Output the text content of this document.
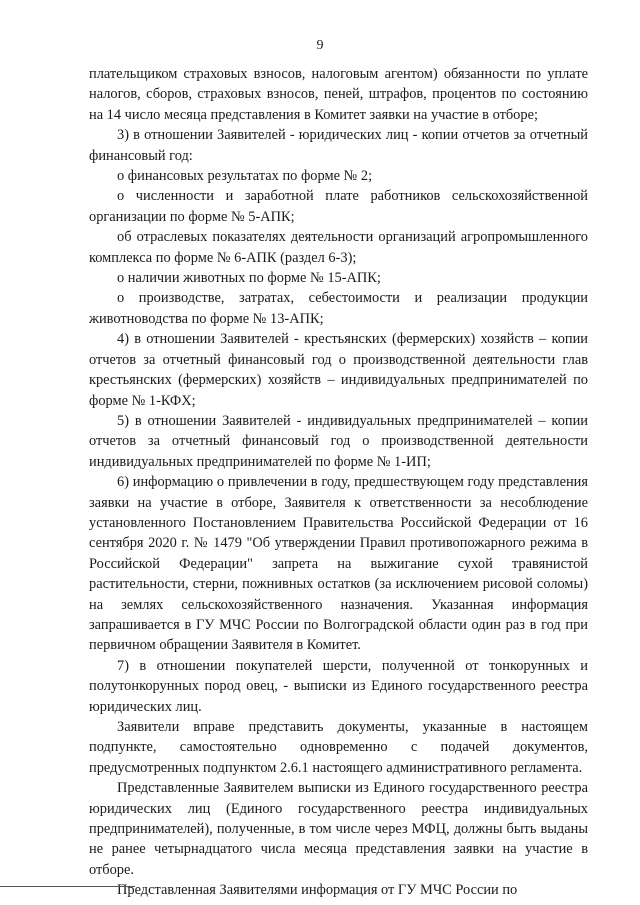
9

плательщиком страховых взносов, налоговым агентом) обязанности по уплате налогов, сборов, страховых взносов, пеней, штрафов, процентов по состоянию на 14 число месяца представления в Комитет заявки на участие в отборе;

3) в отношении Заявителей - юридических лиц - копии отчетов за отчетный финансовый год:

о финансовых результатах по форме № 2;

о численности и заработной плате работников сельскохозяйственной организации по форме № 5-АПК;

об отраслевых показателях деятельности организаций агропромышленного комплекса по форме № 6-АПК (раздел 6-3);

о наличии животных по форме № 15-АПК;

о производстве, затратах, себестоимости и реализации продукции животноводства по форме № 13-АПК;

4) в отношении Заявителей - крестьянских (фермерских) хозяйств – копии отчетов за отчетный финансовый год о производственной деятельности глав крестьянских (фермерских) хозяйств – индивидуальных предпринимателей по форме № 1-КФХ;

5) в отношении Заявителей - индивидуальных предпринимателей – копии отчетов за отчетный финансовый год о производственной деятельности индивидуальных предпринимателей по форме № 1-ИП;

6) информацию о привлечении в году, предшествующем году представления заявки на участие в отборе, Заявителя к ответственности за несоблюдение установленного Постановлением Правительства Российской Федерации от 16 сентября 2020 г. № 1479 "Об утверждении Правил противопожарного режима в Российской Федерации" запрета на выжигание сухой травянистой растительности, стерни, пожнивных остатков (за исключением рисовой соломы) на землях сельскохозяйственного назначения. Указанная информация запрашивается в ГУ МЧС России по Волгоградской области один раз в год при первичном обращении Заявителя в Комитет.

7) в отношении покупателей шерсти, полученной от тонкорунных и полутонкорунных пород овец, - выписки из Единого государственного реестра юридических лиц.

Заявители вправе представить документы, указанные в настоящем подпункте, самостоятельно одновременно с подачей документов, предусмотренных подпунктом 2.6.1 настоящего административного регламента.

Представленные Заявителем выписки из Единого государственного реестра юридических лиц (Единого государственного реестра индивидуальных предпринимателей), полученные, в том числе через МФЦ, должны быть выданы не ранее четырнадцатого числа месяца представления заявки на участие в отборе.

Представленная Заявителями информация от ГУ МЧС России по
